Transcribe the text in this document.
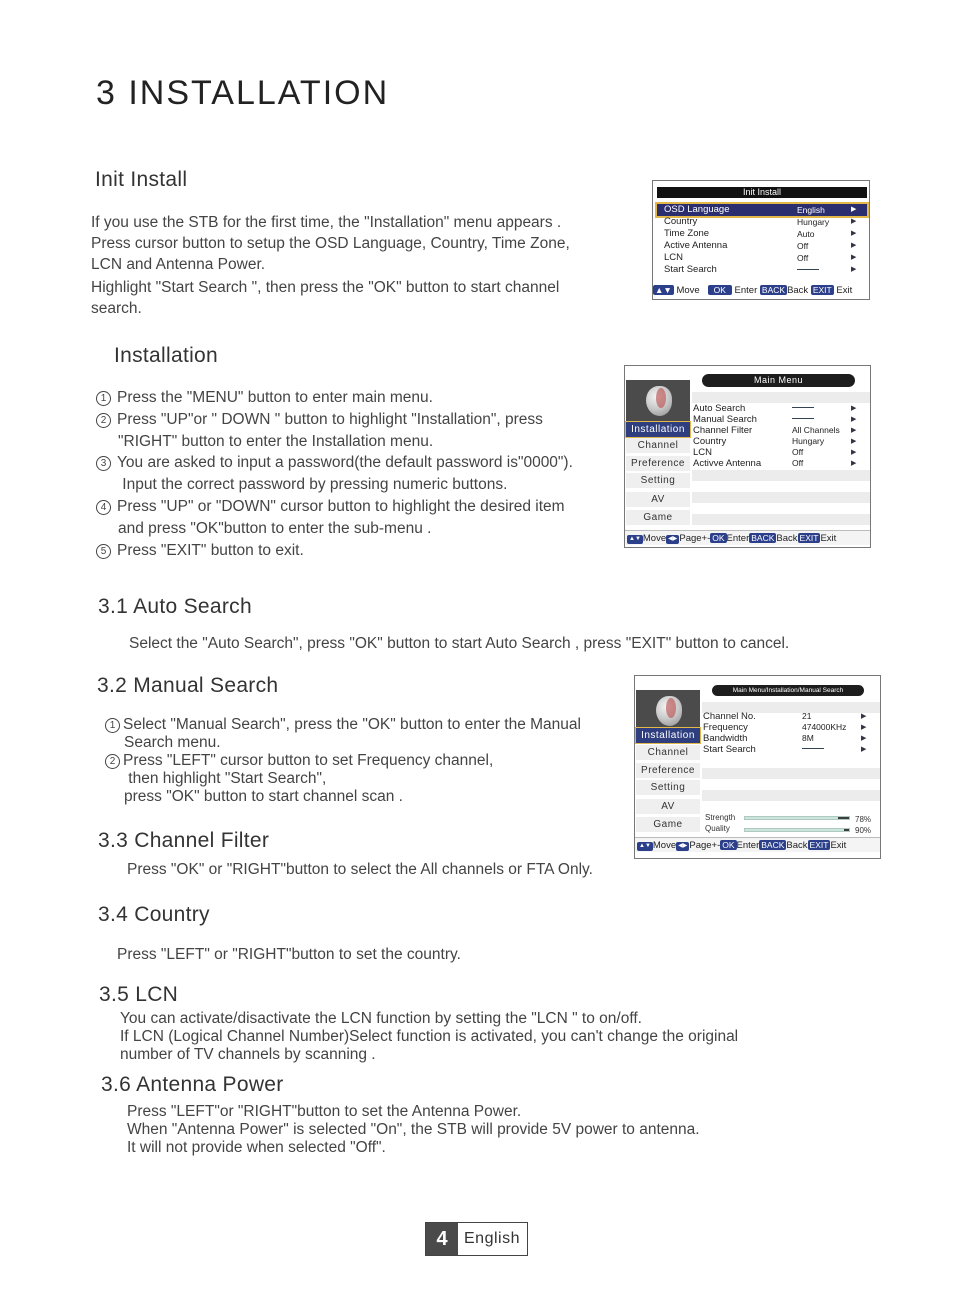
3 INSTALLATION
Init Install

If you use the STB for the first time, the "Installation" menu appears .

Press cursor button to setup the OSD Language, Country, Time Zone,

LCN and Antenna Power.

Highlight "Start Search ", then press the "OK" button to start channel

search.

Init Install
OSD Language	English	▶
Country	Hungary	▶
Time Zone	Auto	▶
Active Antenna	Off	▶
LCN	Off	▶
Start Search	▶
▲▼ Move OK Enter BACK Back EXIT Exit
Installation

1 Press the "MENU" button to enter main menu.

2 Press "UP"or " DOWN " button to highlight "Installation", press

"RIGHT" button to enter the Installation menu.

3 You are asked to input a password(the default password is"0000").

Input the correct password by pressing numeric buttons.

4 Press "UP" or "DOWN" cursor button to highlight the desired item

and press "OK"button to enter the sub-menu .

5 Press "EXIT" button to exit.

Main Menu
Installation
Channel
Preference
Setting
AV
Game
Auto Search	▶
Manual Search	▶
Channel Filter	All Channels ▶
Country	Hungary	▶
LCN	Off	▶
Activve Antenna	Off	▶
▲▼ Move ◀▶ Page+- OK Enter BACK Back EXIT Exit
3.1 Auto Search
Select the "Auto Search", press "OK" button to start Auto Search , press "EXIT" button to cancel.
3.2 Manual Search

1 Select "Manual Search", press the "OK" button to enter the Manual

Search menu.

2 Press "LEFT" cursor button to set Frequency channel,

then highlight "Start Search",

press "OK" button to start channel scan .

Main Menu/Installation/Manual Search
Installation
Channel
Preference
Setting
AV
Game
Channel No.	21	▶
Frequency	474000KHz ▶
Bandwidth	8M	▶
Start Search	▶
Strength	78%
Quality	90%
▲▼ Move ◀▶ Page+- OK Enter BACK Back EXIT Exit
3.3 Channel Filter
Press "OK" or "RIGHT"button to select the All channels or FTA Only.
3.4 Country
Press "LEFT" or "RIGHT"button to set the country.
3.5 LCN

You can activate/disactivate the LCN function by setting the "LCN " to on/off.

If LCN (Logical Channel Number)Select function is activated, you can't change the original

number of TV channels by scanning .

3.6 Antenna Power

Press "LEFT"or "RIGHT"button to set the Antenna Power.

When "Antenna Power" is selected "On", the STB will provide 5V power to antenna.

It will not provide when selected "Off".

4	English
